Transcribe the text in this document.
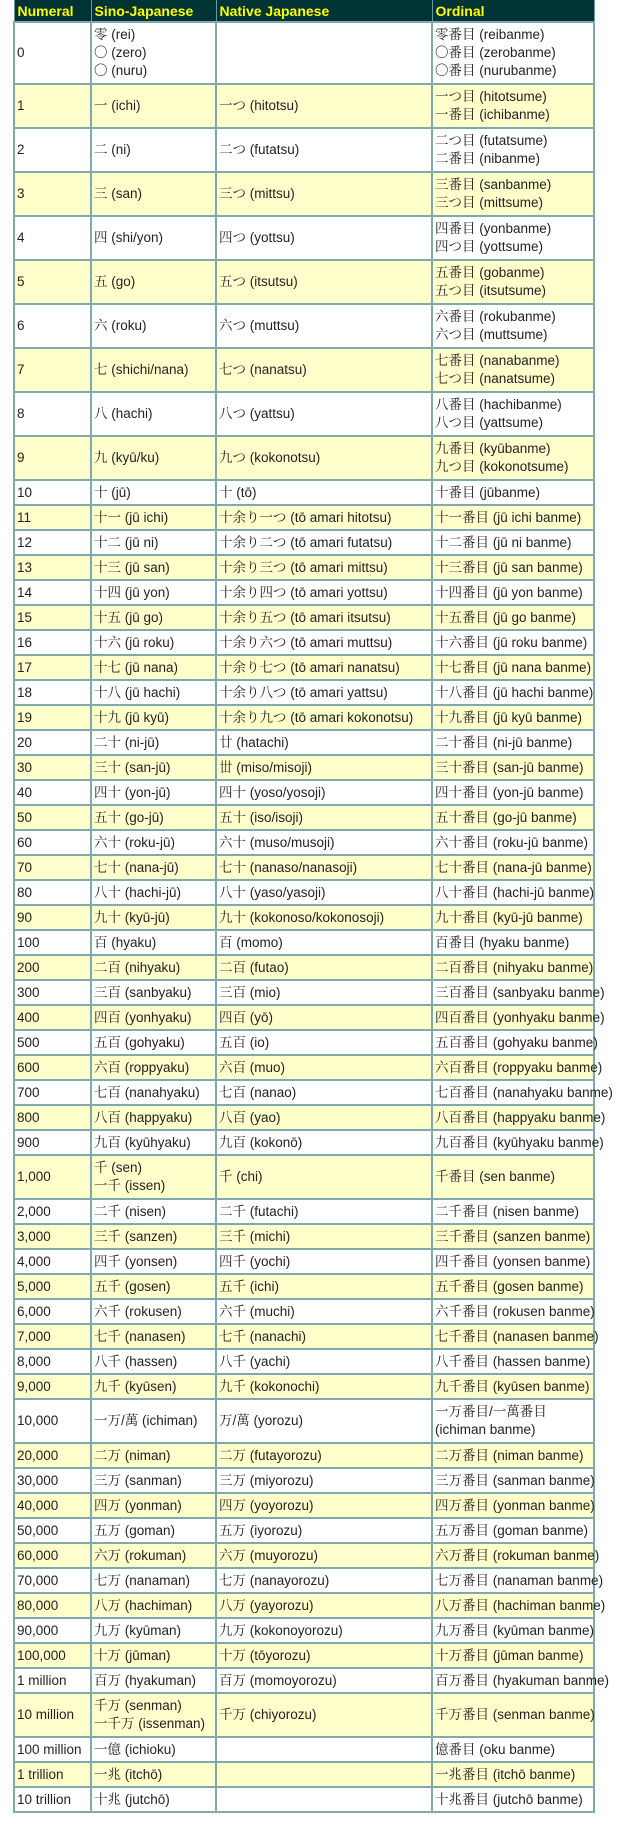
Numeral	Sino-Japanese	Native Japanese	Ordinal
0	零 (rei)
〇 (zero)
〇 (nuru)		零番目 (reibanme)
〇番目 (zerobanme)
〇番目 (nurubanme)

1	一 (ichi)	一つ (hitotsu)	一つ目 (hitotsume)
一番目 (ichibanme)

2	二 (ni)	二つ (futatsu)	二つ目 (futatsume)
二番目 (nibanme)

3	三 (san)	三つ (mittsu)	三番目 (sanbanme)
三つ目 (mittsume)

4	四 (shi/yon)	四つ (yottsu)	四番目 (yonbanme)
四つ目 (yottsume)

5	五 (go)	五つ (itsutsu)	五番目 (gobanme)
五つ目 (itsutsume)

6	六 (roku)	六つ (muttsu)	六番目 (rokubanme)
六つ目 (muttsume)

7	七 (shichi/nana)	七つ (nanatsu)	七番目 (nanabanme)
七つ目 (nanatsume)

8	八 (hachi)	八つ (yattsu)	八番目 (hachibanme)
八つ目 (yattsume)

9	九 (kyū/ku)	九つ (kokonotsu)	九番目 (kyūbanme)
九つ目 (kokonotsume)

10	十 (jū)	十 (tō)	十番目 (jūbanme)

11	十一 (jū ichi)	十余り一つ (tō amari hitotsu)	十一番目 (jū ichi banme)

12	十二 (jū ni)	十余り二つ (tō amari futatsu)	十二番目 (jū ni banme)

13	十三 (jū san)	十余り三つ (tō amari mittsu)	十三番目 (jū san banme)

14	十四 (jū yon)	十余り四つ (tō amari yottsu)	十四番目 (jū yon banme)

15	十五 (jū go)	十余り五つ (tō amari itsutsu)	十五番目 (jū go banme)

16	十六 (jū roku)	十余り六つ (tō amari muttsu)	十六番目 (jū roku banme)

17	十七 (jū nana)	十余り七つ (tō amari nanatsu)	十七番目 (jū nana banme)

18	十八 (jū hachi)	十余り八つ (tō amari yattsu)	十八番目 (jū hachi banme)

19	十九 (jū kyū)	十余り九つ (tō amari kokonotsu)	十九番目 (jū kyū banme)

20	二十 (ni-jū)	廿 (hatachi)	二十番目 (ni-jū banme)

30	三十 (san-jū)	丗 (miso/misoji)	三十番目 (san-jū banme)

40	四十 (yon-jū)	四十 (yoso/yosoji)	四十番目 (yon-jū banme)

50	五十 (go-jū)	五十 (iso/isoji)	五十番目 (go-jū banme)

60	六十 (roku-jū)	六十 (muso/musoji)	六十番目 (roku-jū banme)

70	七十 (nana-jū)	七十 (nanaso/nanasoji)	七十番目 (nana-jū banme)

80	八十 (hachi-jū)	八十 (yaso/yasoji)	八十番目 (hachi-jū banme)

90	九十 (kyū-jū)	九十 (kokonoso/kokonosoji)	九十番目 (kyū-jū banme)

100	百 (hyaku)	百 (momo)	百番目 (hyaku banme)

200	二百 (nihyaku)	二百 (futao)	二百番目 (nihyaku banme)

300	三百 (sanbyaku)	三百 (mio)	三百番目 (sanbyaku banme)

400	四百 (yonhyaku)	四百 (yō)	四百番目 (yonhyaku banme)

500	五百 (gohyaku)	五百 (io)	五百番目 (gohyaku banme)

600	六百 (roppyaku)	六百 (muo)	六百番目 (roppyaku banme)

700	七百 (nanahyaku)	七百 (nanao)	七百番目 (nanahyaku banme)

800	八百 (happyaku)	八百 (yao)	八百番目 (happyaku banme)

900	九百 (kyūhyaku)	九百 (kokonō)	九百番目 (kyūhyaku banme)

1,000	千 (sen)
一千 (issen)	千 (chi)	千番目 (sen banme)

2,000	二千 (nisen)	二千 (futachi)	二千番目 (nisen banme)

3,000	三千 (sanzen)	三千 (michi)	三千番目 (sanzen banme)

4,000	四千 (yonsen)	四千 (yochi)	四千番目 (yonsen banme)

5,000	五千 (gosen)	五千 (ichi)	五千番目 (gosen banme)

6,000	六千 (rokusen)	六千 (muchi)	六千番目 (rokusen banme)

7,000	七千 (nanasen)	七千 (nanachi)	七千番目 (nanasen banme)

8,000	八千 (hassen)	八千 (yachi)	八千番目 (hassen banme)

9,000	九千 (kyūsen)	九千 (kokonochi)	九千番目 (kyūsen banme)

10,000	一万/萬 (ichiman)	万/萬 (yorozu)	一万番目/一萬番目
(ichiman banme)

20,000	二万 (niman)	二万 (futayorozu)	二万番目 (niman banme)

30,000	三万 (sanman)	三万 (miyorozu)	三万番目 (sanman banme)

40,000	四万 (yonman)	四万 (yoyorozu)	四万番目 (yonman banme)

50,000	五万 (goman)	五万 (iyorozu)	五万番目 (goman banme)

60,000	六万 (rokuman)	六万 (muyorozu)	六万番目 (rokuman banme)

70,000	七万 (nanaman)	七万 (nanayorozu)	七万番目 (nanaman banme)

80,000	八万 (hachiman)	八万 (yayorozu)	八万番目 (hachiman banme)

90,000	九万 (kyūman)	九万 (kokonoyorozu)	九万番目 (kyūman banme)

100,000	十万 (jūman)	十万 (tōyorozu)	十万番目 (jūman banme)

1 million	百万 (hyakuman)	百万 (momoyorozu)	百万番目 (hyakuman banme)

10 million	千万 (senman)
一千万 (issenman)	千万 (chiyorozu)	千万番目 (senman banme)

100 million	一億 (ichioku)		億番目 (oku banme)

1 trillion	一兆 (itchō)		一兆番目 (itchō banme)

10 trillion	十兆 (jutchō)		十兆番目 (jutchō banme)
